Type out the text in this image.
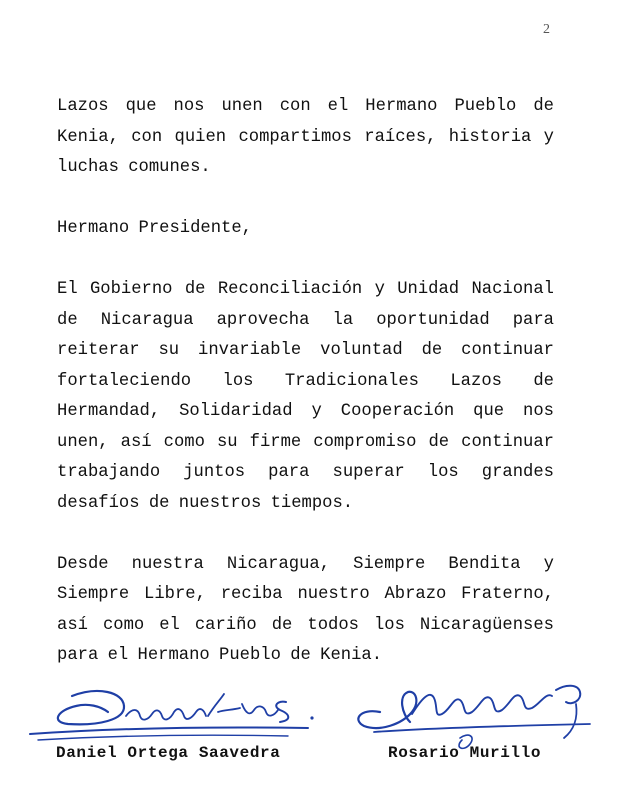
2

Lazos que nos unen con el Hermano Pueblo de Kenia, con quien compartimos raíces, historia y luchas comunes.

Hermano Presidente,

El Gobierno de Reconciliación y Unidad Nacional de Nicaragua aprovecha la oportunidad para reiterar su invariable voluntad de continuar fortaleciendo los Tradicionales Lazos de Hermandad, Solidaridad y Cooperación que nos unen, así como su firme compromiso de continuar trabajando juntos para superar los grandes desafíos de nuestros tiempos.

Desde nuestra Nicaragua, Siempre Bendita y Siempre Libre, reciba nuestro Abrazo Fraterno, así como el cariño de todos los Nicaragüenses para el Hermano Pueblo de Kenia.

Daniel Ortega Saavedra	Rosario Murillo
